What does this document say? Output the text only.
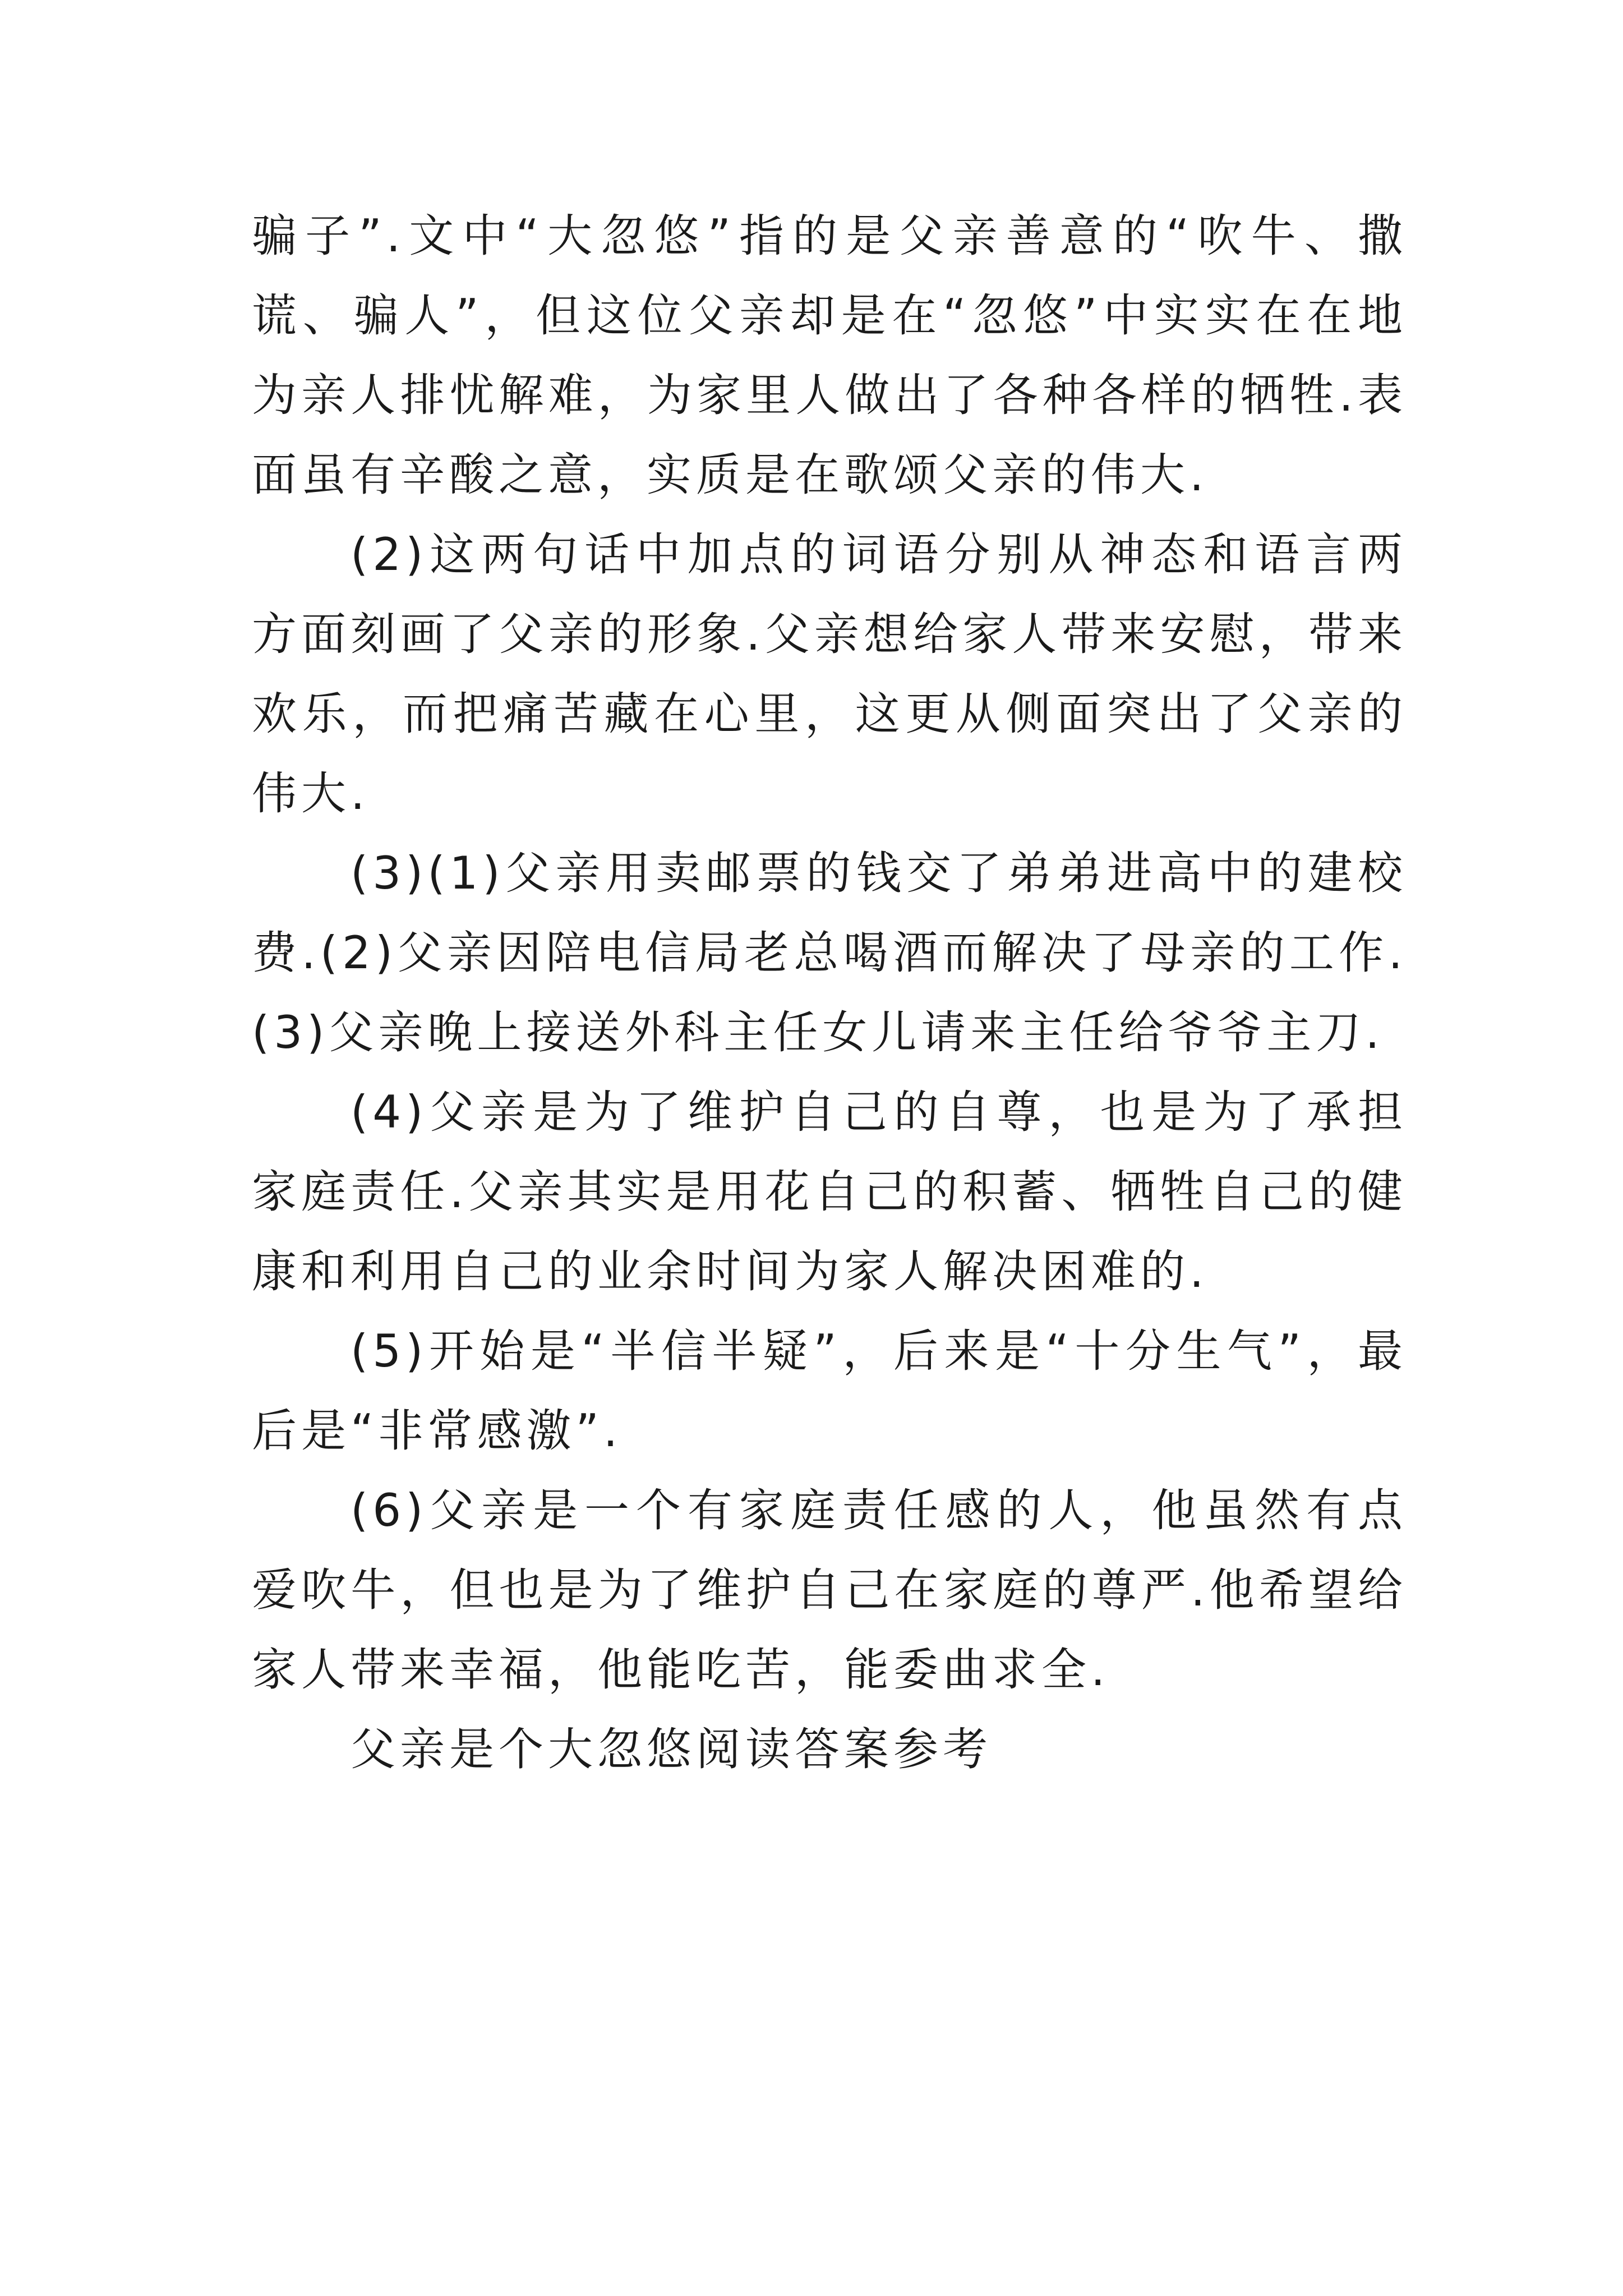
骗子”.文中“大忽悠”指的是父亲善意的“吹牛、撒谎、骗人”，但这位父亲却是在“忽悠”中实实在在地为亲人排忧解难，为家里人做出了各种各样的牺牲.表面虽有辛酸之意，实质是在歌颂父亲的伟大.

(2)这两句话中加点的词语分别从神态和语言两方面刻画了父亲的形象.父亲想给家人带来安慰，带来欢乐，而把痛苦藏在心里，这更从侧面突出了父亲的伟大.

(3)(1)父亲用卖邮票的钱交了弟弟进高中的建校费.(2)父亲因陪电信局老总喝酒而解决了母亲的工作.(3)父亲晚上接送外科主任女儿请来主任给爷爷主刀.

(4)父亲是为了维护自己的自尊，也是为了承担家庭责任.父亲其实是用花自己的积蓄、牺牲自己的健康和利用自己的业余时间为家人解决困难的.

(5)开始是“半信半疑”，后来是“十分生气”，最后是“非常感激”.

(6)父亲是一个有家庭责任感的人，他虽然有点爱吹牛，但也是为了维护自己在家庭的尊严.他希望给家人带来幸福，他能吃苦，能委曲求全.

父亲是个大忽悠阅读答案参考
